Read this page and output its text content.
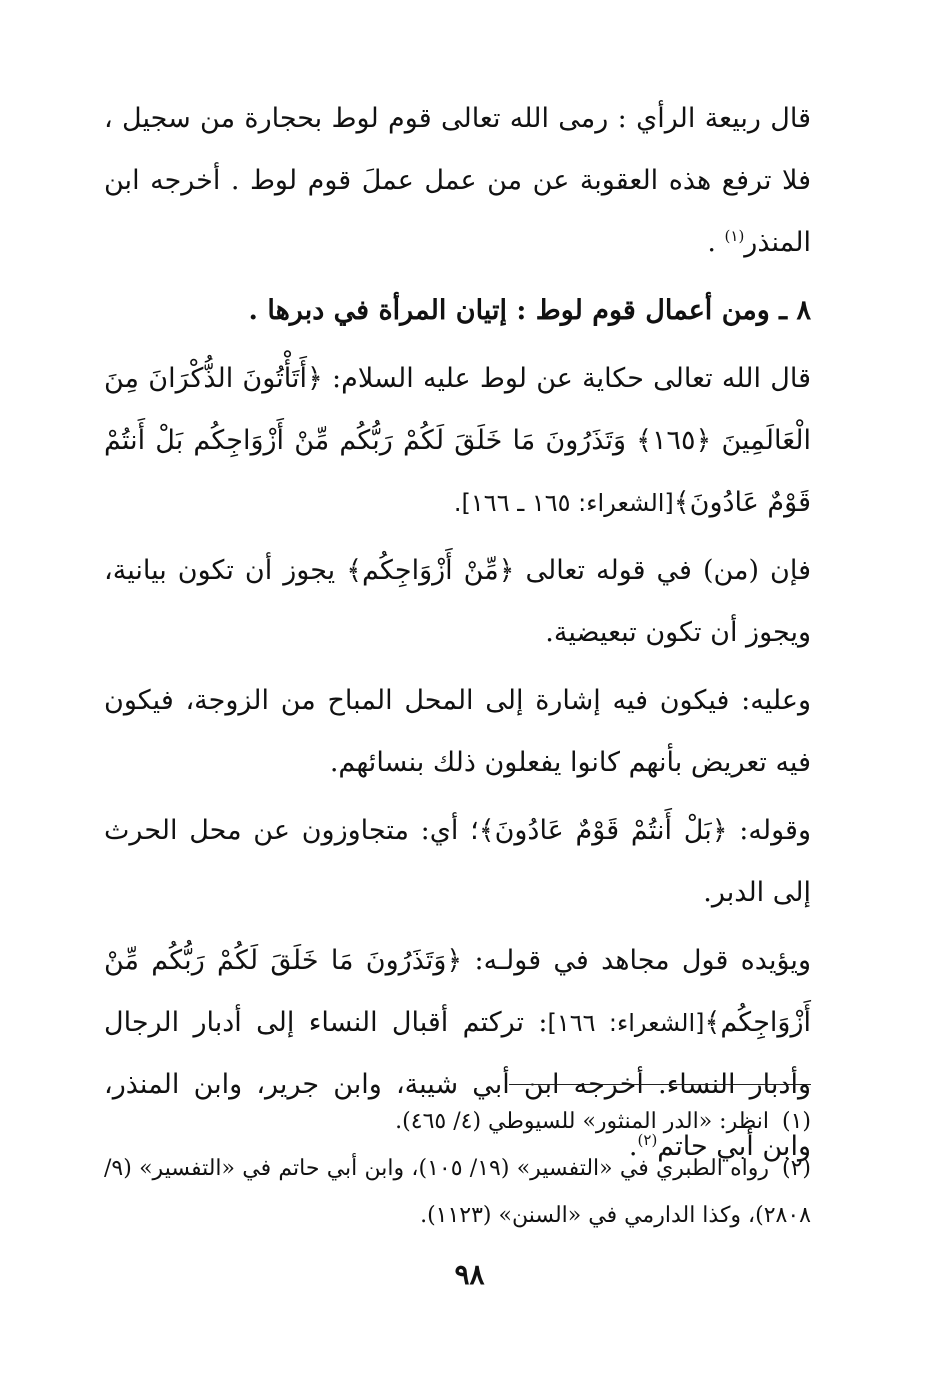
قال ربيعة الرأي : رمى الله تعالى قوم لوط بحجارة من سجيل ، فلا ترفع هذه العقوبة عن من عمل عملَ قوم لوط . أخرجه ابن المنذر$^{(١)}$ .

٨ ـ ومن أعمال قوم لوط : إتيان المرأة في دبرها .

قال الله تعالى حكاية عن لوط عليه السلام: ﴿أَتَأْتُونَ الذُّكْرَانَ مِنَ الْعَالَمِينَ ﴿١٦٥﴾ وَتَذَرُونَ مَا خَلَقَ لَكُمْ رَبُّكُم مِّنْ أَزْوَاجِكُم بَلْ أَنتُمْ قَوْمٌ عَادُونَ﴾[الشعراء: ١٦٥ ـ ١٦٦].

فإن (من) في قوله تعالى ﴿مِّنْ أَزْوَاجِكُم﴾ يجوز أن تكون بيانية، ويجوز أن تكون تبعيضية.

وعليه: فيكون فيه إشارة إلى المحل المباح من الزوجة، فيكون فيه تعريض بأنهم كانوا يفعلون ذلك بنسائهم.

وقوله: ﴿بَلْ أَنتُمْ قَوْمٌ عَادُونَ﴾؛ أي: متجاوزون عن محل الحرث إلى الدبر.

ويؤيده قول مجاهد في قولـه: ﴿وَتَذَرُونَ مَا خَلَقَ لَكُمْ رَبُّكُم مِّنْ أَزْوَاجِكُم﴾[الشعراء: ١٦٦]: تركتم أقبال النساء إلى أدبار الرجال وأدبار النساء. أخرجه ابن أبي شيبة، وابن جرير، وابن المنذر، وابن أبي حاتم$^{(٢)}$.

(١)انظر: «الدر المنثور» للسيوطي (٤/ ٤٦٥).

(٢)رواه الطبري في «التفسير» (١٩/ ١٠٥)، وابن أبي حاتم في «التفسير» (٩/ ٢٨٠٨)، وكذا الدارمي في «السنن» (١١٢٣).

٩٨
